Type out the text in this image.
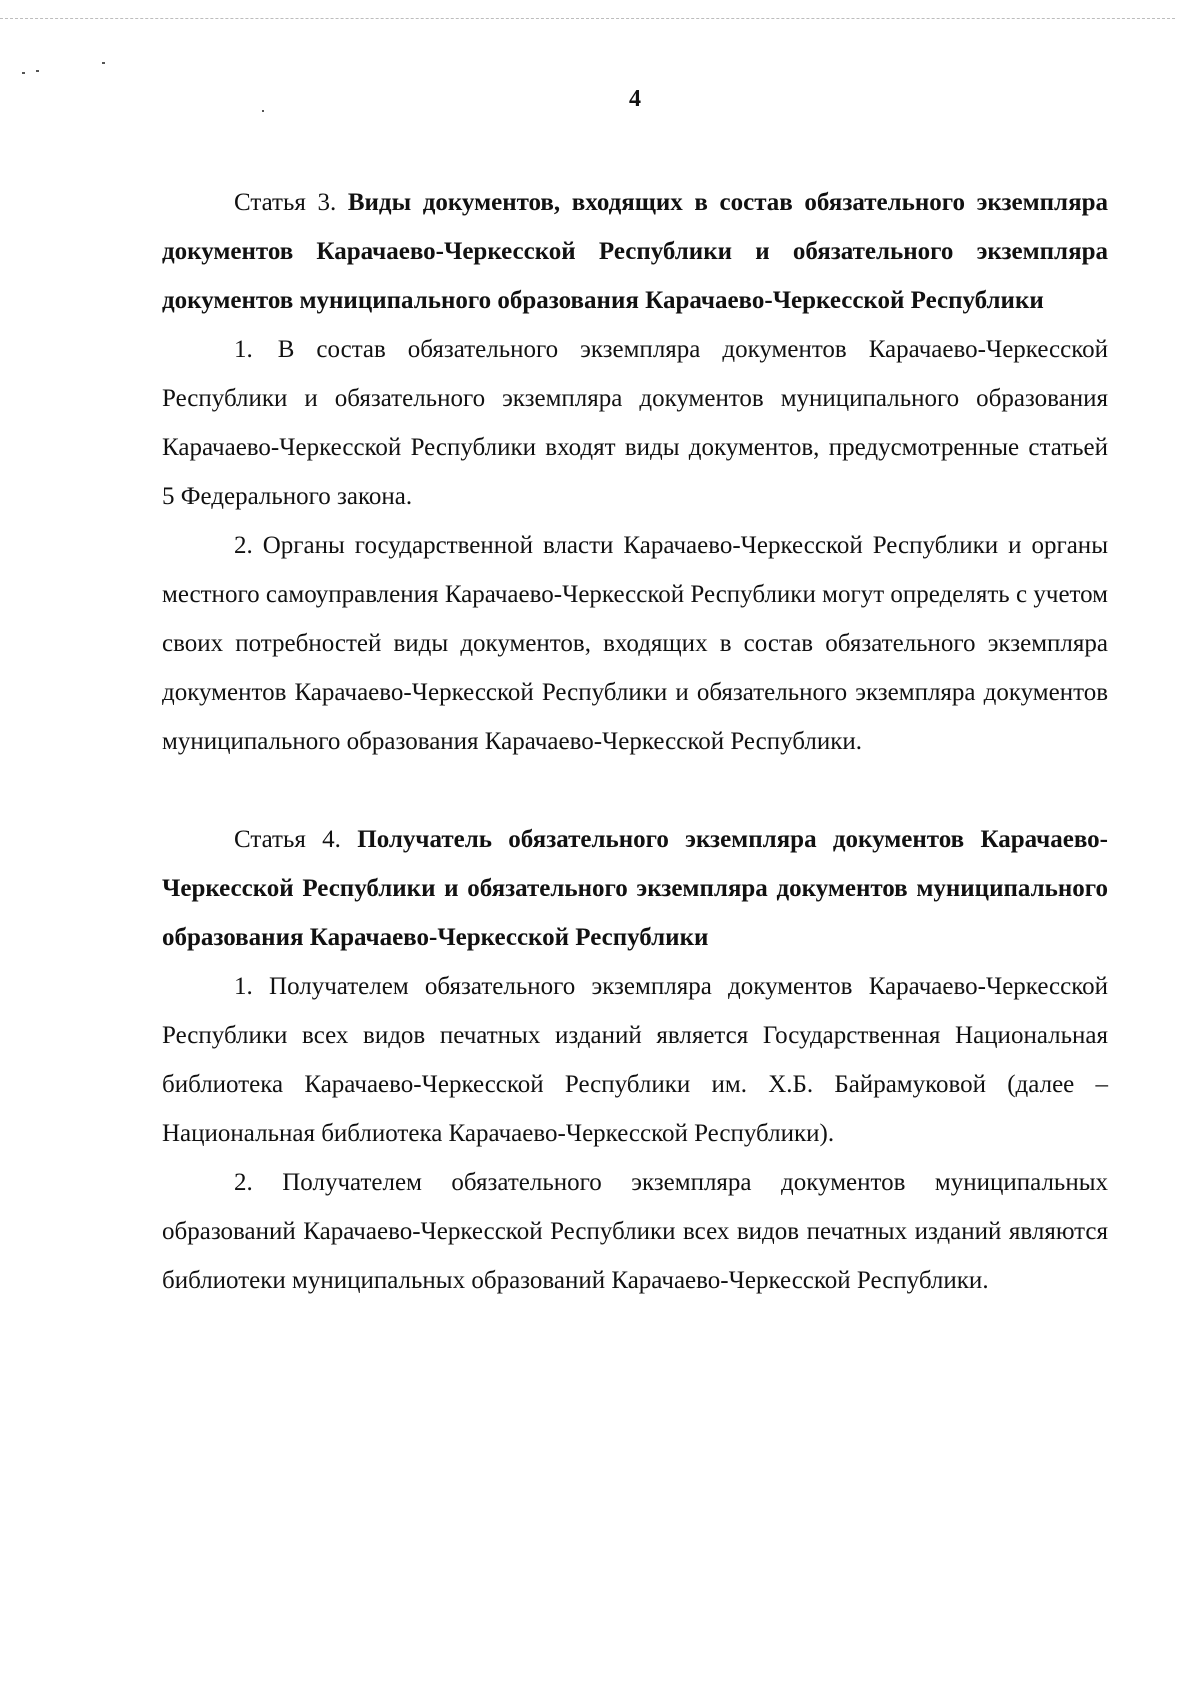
4

Статья 3. Виды документов, входящих в состав обязательного экземпляра документов Карачаево-Черкесской Республики и обязательного экземпляра документов муниципального образования Карачаево-Черкесской Республики

1. В состав обязательного экземпляра документов Карачаево-Черкесской Республики и обязательного экземпляра документов муниципального образования Карачаево-Черкесской Республики входят виды документов, предусмотренные статьей 5 Федерального закона.

2. Органы государственной власти Карачаево-Черкесской Республики и органы местного самоуправления Карачаево-Черкесской Республики могут определять с учетом своих потребностей виды документов, входящих в состав обязательного экземпляра документов Карачаево-Черкесской Республики и обязательного экземпляра документов муниципального образования Карачаево-Черкесской Республики.

Статья 4. Получатель обязательного экземпляра документов Карачаево-Черкесской Республики и обязательного экземпляра документов муниципального образования Карачаево-Черкесской Республики

1. Получателем обязательного экземпляра документов Карачаево-Черкесской Республики всех видов печатных изданий является Государственная Национальная библиотека Карачаево-Черкесской Республики им. Х.Б. Байрамуковой (далее – Национальная библиотека Карачаево-Черкесской Республики).

2. Получателем обязательного экземпляра документов муниципальных образований Карачаево-Черкесской Республики всех видов печатных изданий являются библиотеки муниципальных образований Карачаево-Черкесской Республики.
